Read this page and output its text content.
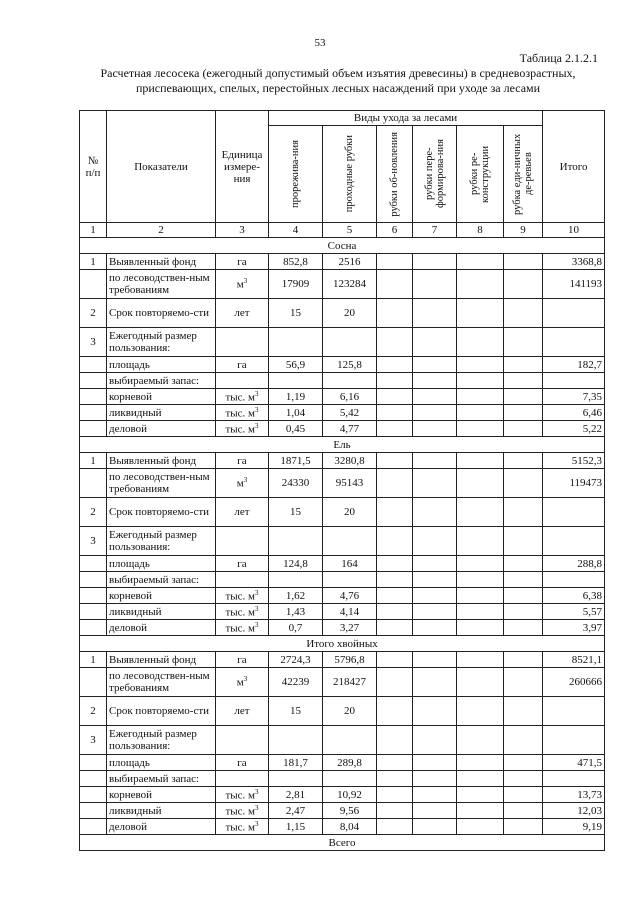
53
Таблица 2.1.2.1
Расчетная лесосека (ежегодный допустимый объем изъятия древесины) в средневозрастных, приспевающих, спелых, перестойных лесных насаждений при уходе за лесами
№ п/п	Показатели	Единица измере-ния	Виды ухода за лесами						Итого

			прорежива-ния	проходные рубки	рубки об-новления	рубки пере-формирова-ния	рубки ре-конструкции	рубка еди-ничных де-ревьев	

1	2	3	4	5	6	7	8	9	10
Сосна									
1	Выявленный фонд	га	852,8	2516					3368,8
	по лесоводствен-ным требованиям	$м^3$	17909	123284					141193
2	Срок повторяемо-сти	лет	15	20					
3	Ежегодный размер пользования:								
	площадь	га	56,9	125,8					182,7
	выбираемый запас:								
	корневой	тыс. $м^3$	1,19	6,16					7,35
	ликвидный	тыс. $м^3$	1,04	5,42					6,46
	деловой	тыс. $м^3$	0,45	4,77					5,22
Ель									
1	Выявленный фонд	га	1871,5	3280,8					5152,3
	по лесоводствен-ным требованиям	$м^3$	24330	95143					119473
2	Срок повторяемо-сти	лет	15	20					
3	Ежегодный размер пользования:								
	площадь	га	124,8	164					288,8
	выбираемый запас:								
	корневой	тыс. $м^3$	1,62	4,76					6,38
	ликвидный	тыс. $м^3$	1,43	4,14					5,57
	деловой	тыс. $м^3$	0,7	3,27					3,97
Итого хвойных									
1	Выявленный фонд	га	2724,3	5796,8					8521,1
	по лесоводствен-ным требованиям	$м^3$	42239	218427					260666
2	Срок повторяемо-сти	лет	15	20					
3	Ежегодный размер пользования:								
	площадь	га	181,7	289,8					471,5
	выбираемый запас:								
	корневой	тыс. $м^3$	2,81	10,92					13,73
	ликвидный	тыс. $м^3$	2,47	9,56					12,03
	деловой	тыс. $м^3$	1,15	8,04					9,19
Всего									
